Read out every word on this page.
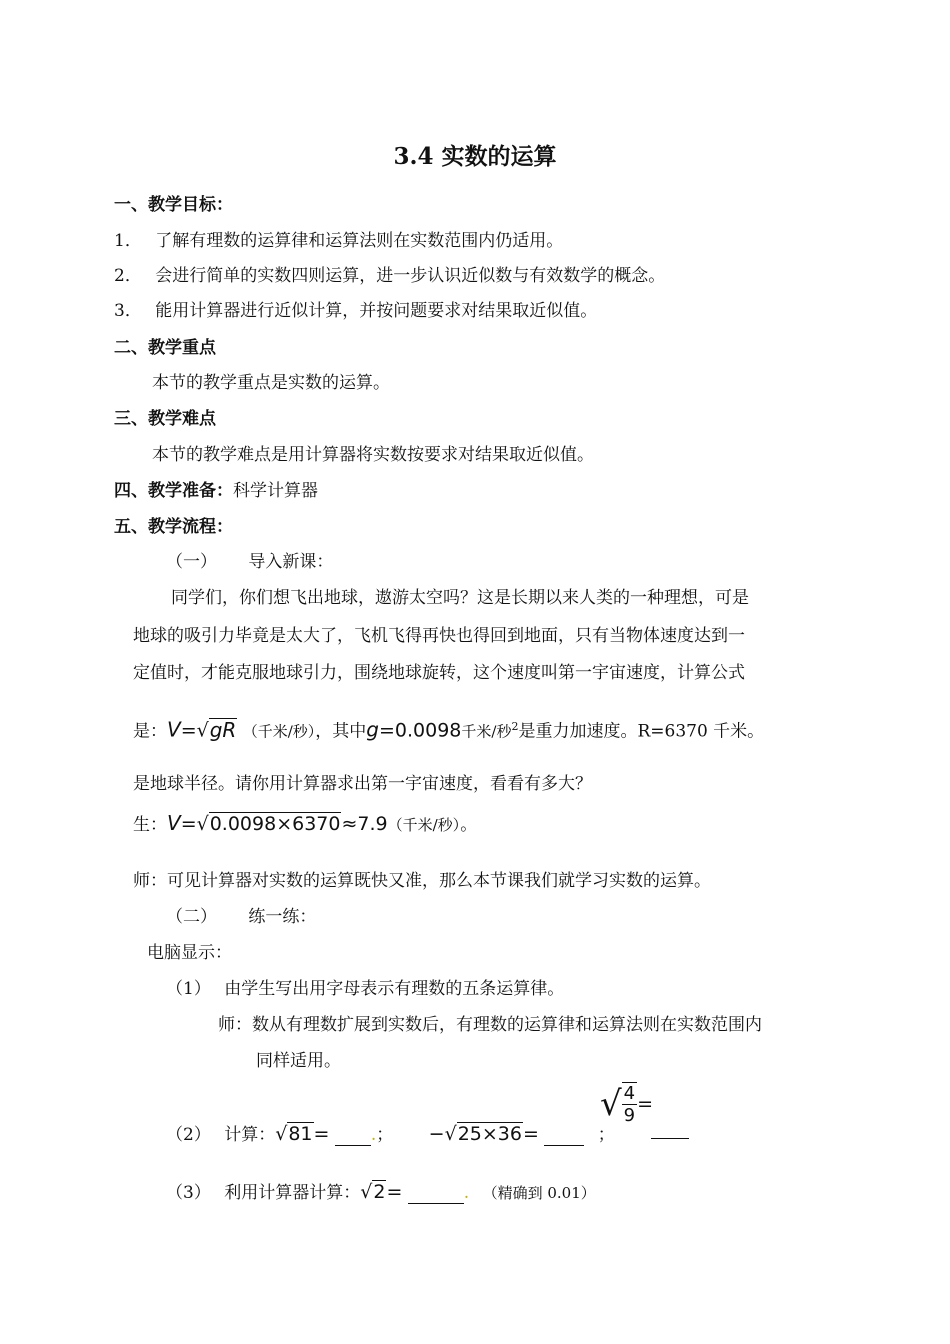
3.4 实数的运算
一、教学目标：
1． 了解有理数的运算律和运算法则在实数范围内仍适用。
2． 会进行简单的实数四则运算，进一步认识近似数与有效数学的概念。
3． 能用计算器进行近似计算，并按问题要求对结果取近似值。
二、教学重点
本节的教学重点是实数的运算。
三、教学难点
本节的教学难点是用计算器将实数按要求对结果取近似值。
四、教学准备：科学计算器
五、教学流程：
（一） 导入新课：
同学们，你们想飞出地球，遨游太空吗？这是长期以来人类的一种理想，可是
地球的吸引力毕竟是太大了，飞机飞得再快也得回到地面，只有当物体速度达到一
定值时，才能克服地球引力，围绕地球旋转，这个速度叫第一宇宙速度，计算公式
是：V=√gR （千米/秒），其中g=0.0098千米/秒$^2$是重力加速度。R=6370 千米。
是地球半径。请你用计算器求出第一宇宙速度，看看有多大？
生：V=√0.0098×6370≈7.9（千米/秒）。
师：可见计算器对实数的运算既快又准，那么本节课我们就学习实数的运算。
（二） 练一练：
电脑显示：
（1） 由学生写出用字母表示有理数的五条运算律。
师：数从有理数扩展到实数后，有理数的运算律和运算法则在实数范围内
同样适用。
（2） 计算：√81= .； −√25×36=	；
√ $\frac{4}{9}$ =
（3） 利用计算器计算：√2=	. （精确到 0.01）
